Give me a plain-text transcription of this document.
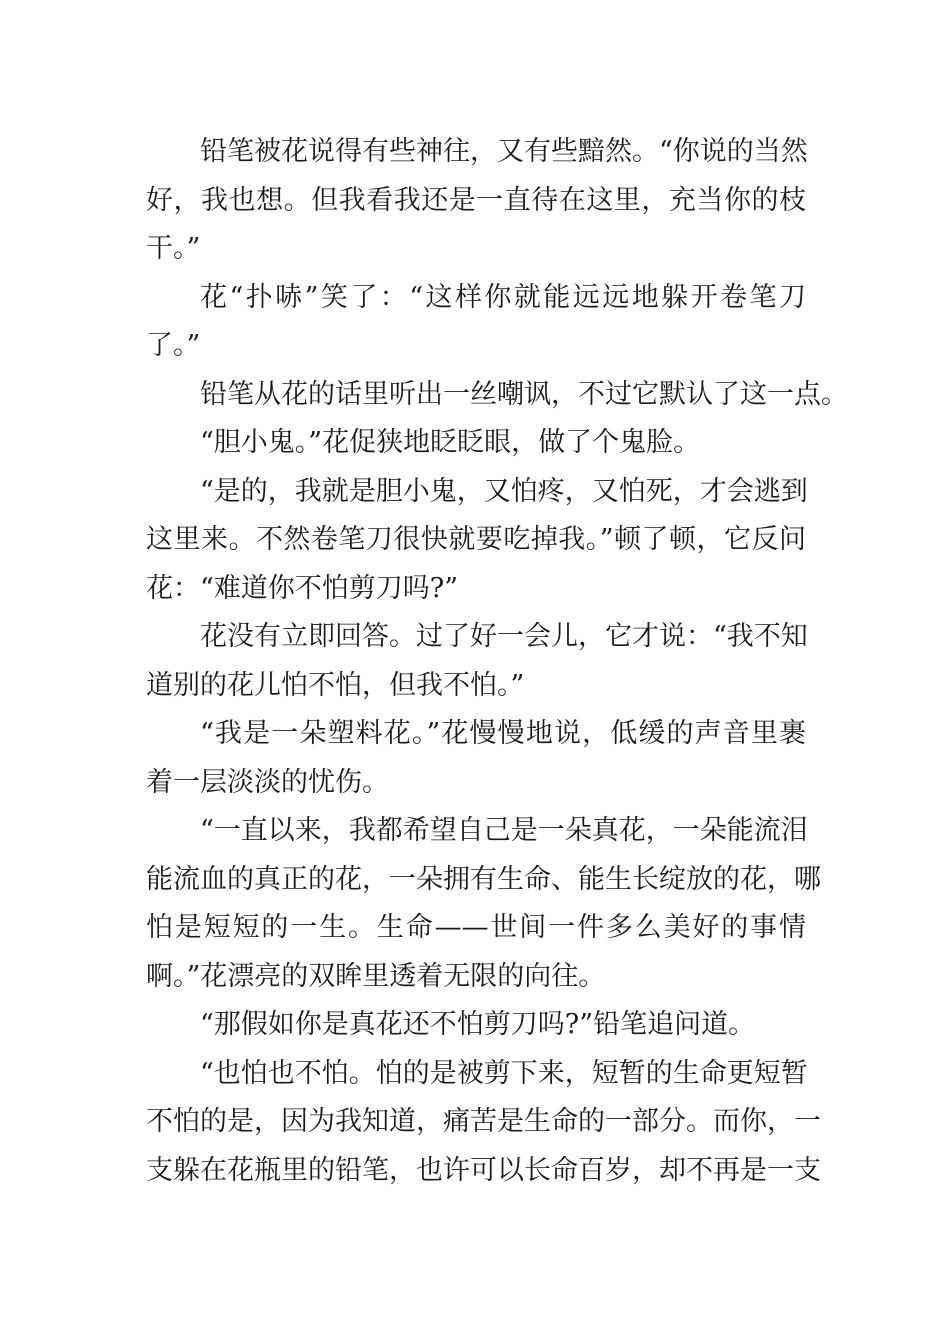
铅笔被花说得有些神往，又有些黯然。“你说的当然
好，我也想。但我看我还是一直待在这里，充当你的枝
干。”
花“扑哧”笑了：“这样你就能远远地躲开卷笔刀
了。”
铅笔从花的话里听出一丝嘲讽，不过它默认了这一点。
“胆小鬼。”花促狭地眨眨眼，做了个鬼脸。
“是的，我就是胆小鬼，又怕疼，又怕死，才会逃到
这里来。不然卷笔刀很快就要吃掉我。”顿了顿，它反问
花：“难道你不怕剪刀吗?”
花没有立即回答。过了好一会儿，它才说：“我不知
道别的花儿怕不怕，但我不怕。”
“我是一朵塑料花。”花慢慢地说，低缓的声音里裹
着一层淡淡的忧伤。
“一直以来，我都希望自己是一朵真花，一朵能流泪
能流血的真正的花，一朵拥有生命、能生长绽放的花，哪
怕是短短的一生。生命——世间一件多么美好的事情
啊。”花漂亮的双眸里透着无限的向往。
“那假如你是真花还不怕剪刀吗?”铅笔追问道。
“也怕也不怕。怕的是被剪下来，短暂的生命更短暂
不怕的是，因为我知道，痛苦是生命的一部分。而你，一
支躲在花瓶里的铅笔，也许可以长命百岁，却不再是一支
